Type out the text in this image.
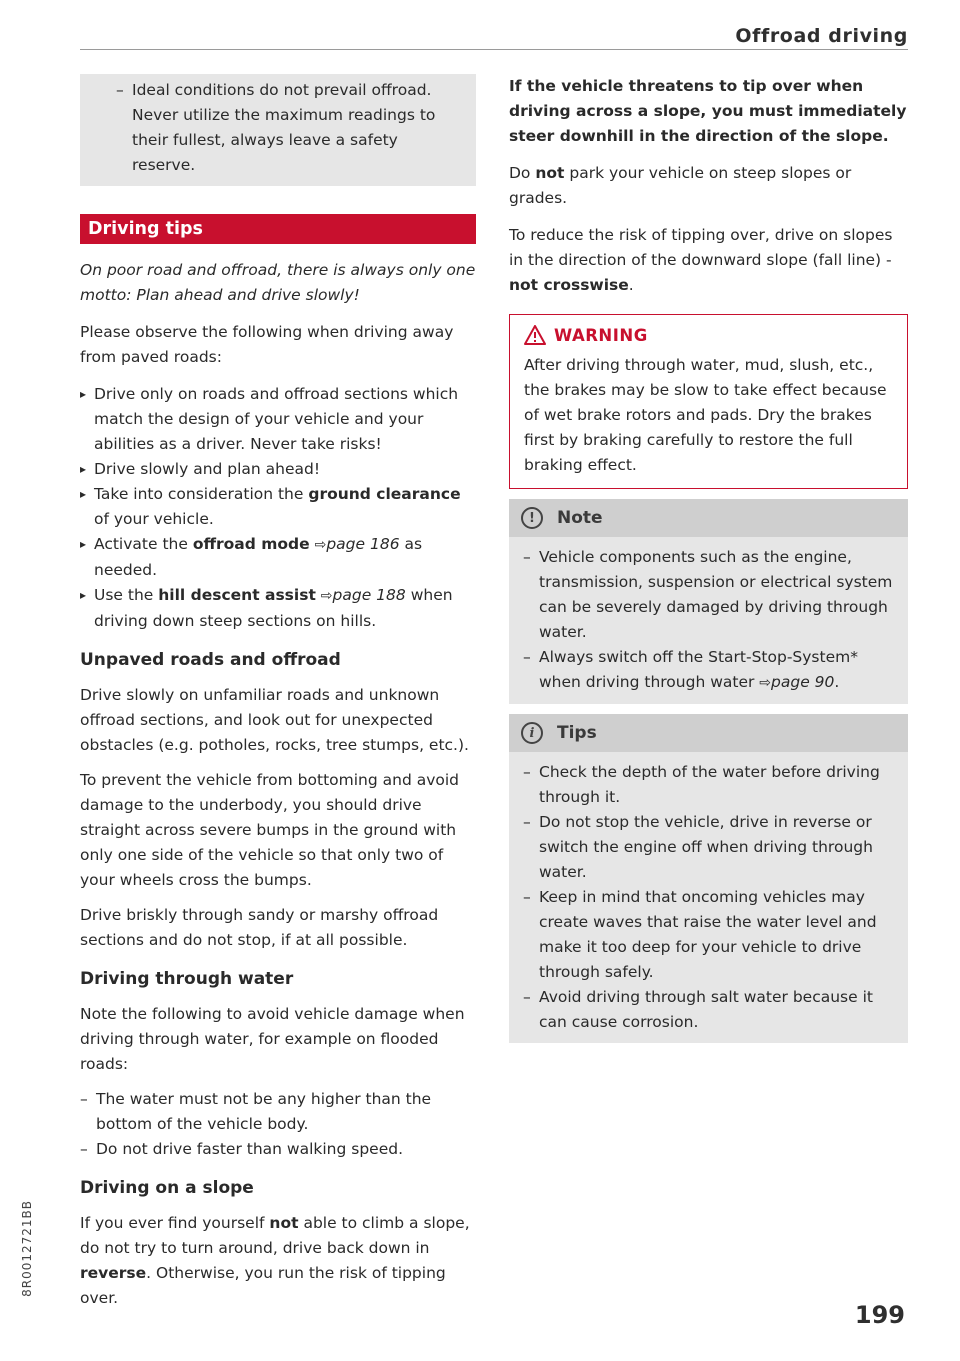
Offroad driving

– Ideal conditions do not prevail offroad. Never utilize the maximum readings to their fullest, always leave a safety reserve.

Driving tips

On poor road and offroad, there is always only one motto: Plan ahead and drive slowly!

Please observe the following when driving away from paved roads:

▸ Drive only on roads and offroad sections which match the design of your vehicle and your abilities as a driver. Never take risks!

▸ Drive slowly and plan ahead!

▸ Take into consideration the ground clearance of your vehicle.

▸ Activate the offroad mode ⇨page 186 as needed.

▸ Use the hill descent assist ⇨page 188 when driving down steep sections on hills.

Unpaved roads and offroad

Drive slowly on unfamiliar roads and unknown offroad sections, and look out for unexpected obstacles (e.g. potholes, rocks, tree stumps, etc.).

To prevent the vehicle from bottoming and avoid damage to the underbody, you should drive straight across severe bumps in the ground with only one side of the vehicle so that only two of your wheels cross the bumps.

Drive briskly through sandy or marshy offroad sections and do not stop, if at all possible.

Driving through water

Note the following to avoid vehicle damage when driving through water, for example on flooded roads:

– The water must not be any higher than the bottom of the vehicle body.

– Do not drive faster than walking speed.

Driving on a slope

If you ever find yourself not able to climb a slope, do not try to turn around, drive back down in reverse. Otherwise, you run the risk of tipping over.

If the vehicle threatens to tip over when driving across a slope, you must immediately steer downhill in the direction of the slope.

Do not park your vehicle on steep slopes or grades.

To reduce the risk of tipping over, drive on slopes in the direction of the downward slope (fall line) - not crosswise.

WARNING

After driving through water, mud, slush, etc., the brakes may be slow to take effect because of wet brake rotors and pads. Dry the brakes first by braking carefully to restore the full braking effect.

!	Note

– Vehicle components such as the engine, transmission, suspension or electrical system can be severely damaged by driving through water.

– Always switch off the Start-Stop-System* when driving through water ⇨page 90.

i	Tips

– Check the depth of the water before driving through it.

– Do not stop the vehicle, drive in reverse or switch the engine off when driving through water.

– Keep in mind that oncoming vehicles may create waves that raise the water level and make it too deep for your vehicle to drive through safely.

– Avoid driving through salt water because it can cause corrosion.

8R0012721BB
199
